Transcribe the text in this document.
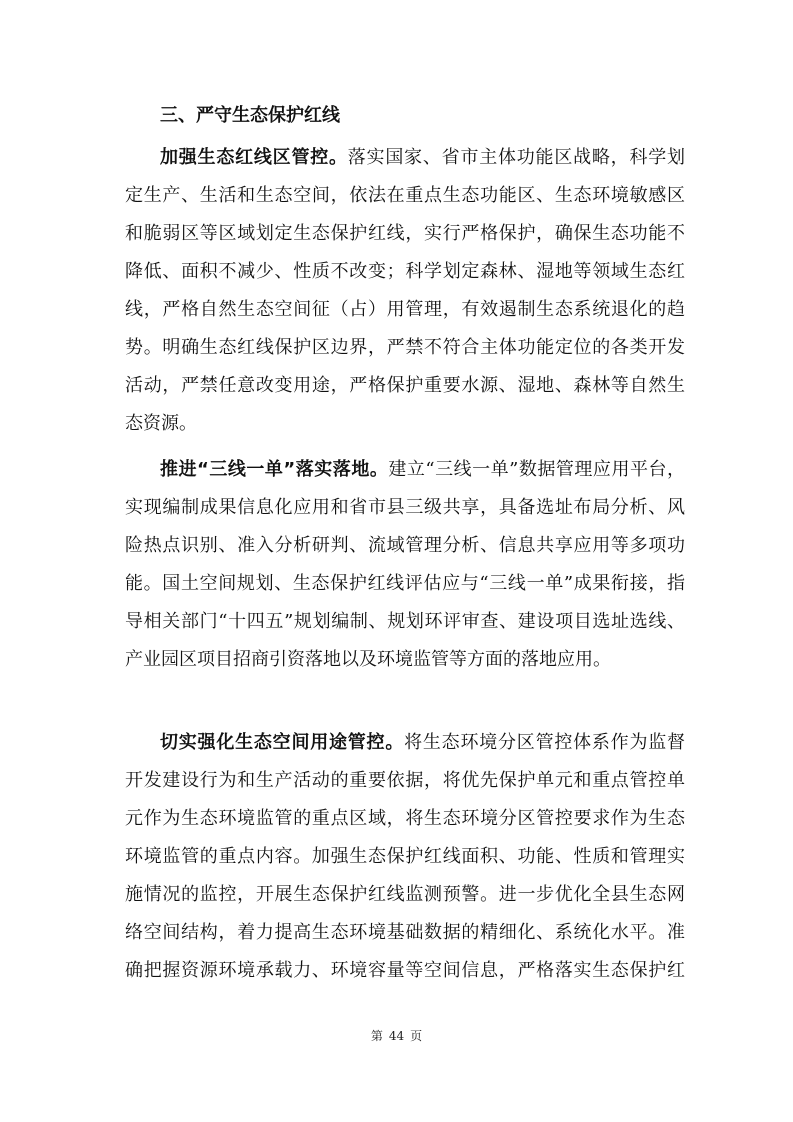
三、严守生态保护红线
加强生态红线区管控。落实国家、省市主体功能区战略，科学划
定生产、生活和生态空间，依法在重点生态功能区、生态环境敏感区
和脆弱区等区域划定生态保护红线，实行严格保护，确保生态功能不
降低、面积不减少、性质不改变；科学划定森林、湿地等领域生态红
线，严格自然生态空间征（占）用管理，有效遏制生态系统退化的趋
势。明确生态红线保护区边界，严禁不符合主体功能定位的各类开发
活动，严禁任意改变用途，严格保护重要水源、湿地、森林等自然生
态资源。
推进“三线一单”落实落地。建立“三线一单”数据管理应用平台，
实现编制成果信息化应用和省市县三级共享，具备选址布局分析、风
险热点识别、准入分析研判、流域管理分析、信息共享应用等多项功
能。国土空间规划、生态保护红线评估应与“三线一单”成果衔接，指
导相关部门“十四五”规划编制、规划环评审查、建设项目选址选线、
产业园区项目招商引资落地以及环境监管等方面的落地应用。
切实强化生态空间用途管控。将生态环境分区管控体系作为监督
开发建设行为和生产活动的重要依据，将优先保护单元和重点管控单
元作为生态环境监管的重点区域，将生态环境分区管控要求作为生态
环境监管的重点内容。加强生态保护红线面积、功能、性质和管理实
施情况的监控，开展生态保护红线监测预警。进一步优化全县生态网
络空间结构，着力提高生态环境基础数据的精细化、系统化水平。准
确把握资源环境承载力、环境容量等空间信息，严格落实生态保护红
第 44 页
